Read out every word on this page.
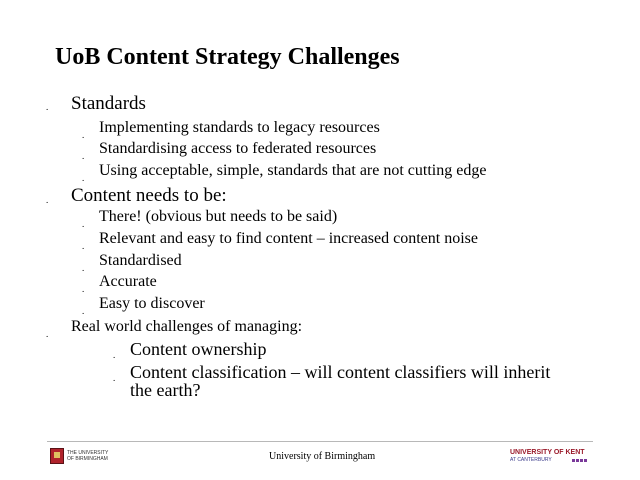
UoB Content Strategy Challenges
. Standards
. Implementing standards to legacy resources
. Standardising access to federated resources
. Using acceptable, simple, standards that are not cutting edge
. Content needs to be:
. There! (obvious but needs to be said)
. Relevant and easy to find content – increased content noise
. Standardised
. Accurate
. Easy to discover
. Real world challenges of managing:
. Content ownership
. Content classification – will content classifiers will inherit
the earth?
THE UNIVERSITY
OF BIRMINGHAM	University of Birmingham	UNIVERSITY OF KENT
AT CANTERBURY
